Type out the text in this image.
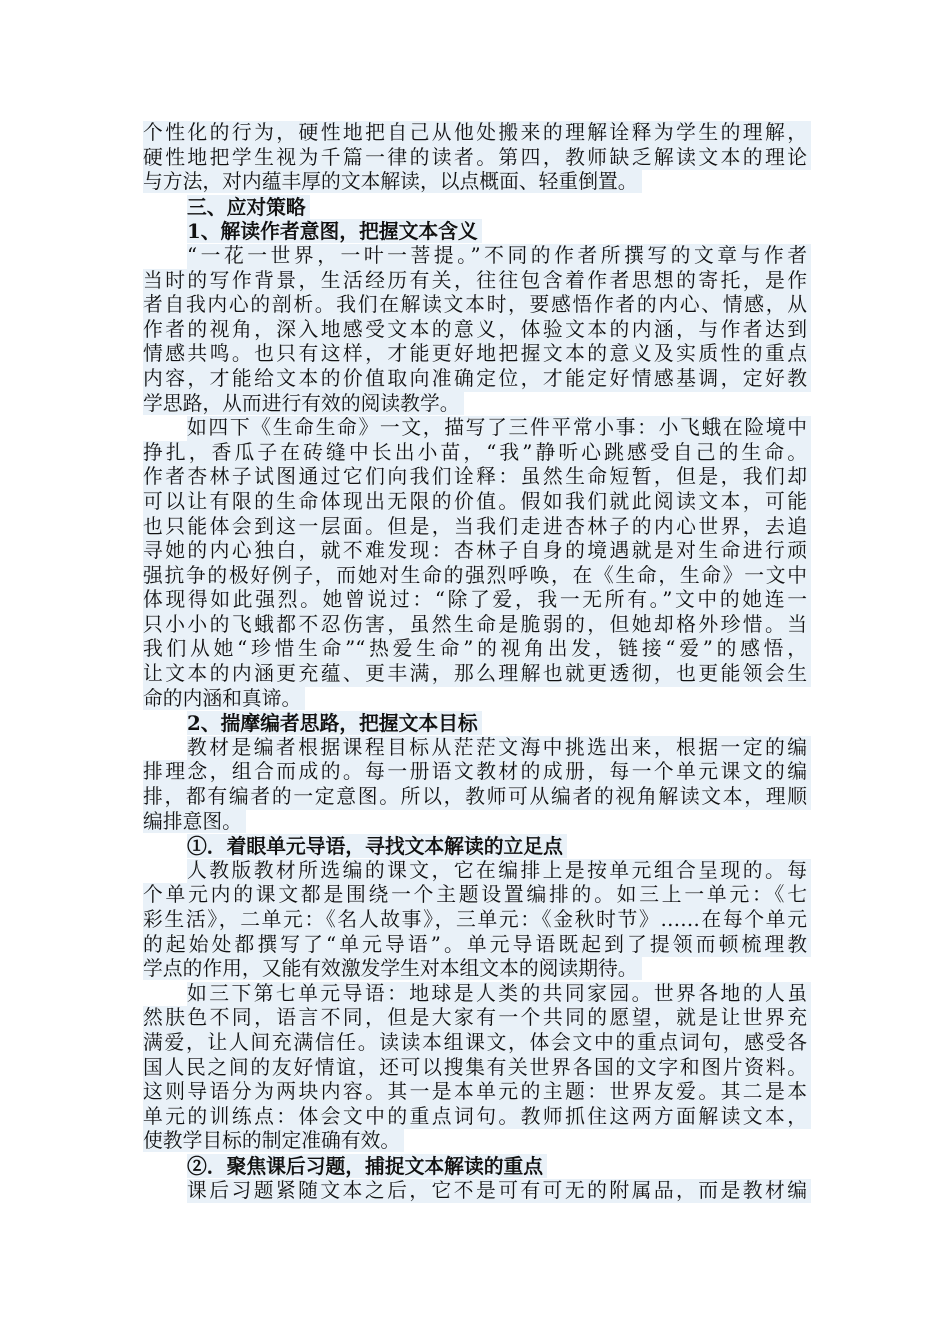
个性化的行为，硬性地把自己从他处搬来的理解诠释为学生的理解，
硬性地把学生视为千篇一律的读者。第四，教师缺乏解读文本的理论
与方法，对内蕴丰厚的文本解读，以点概面、轻重倒置。
三、应对策略
1、解读作者意图，把握文本含义
“一花一世界，一叶一菩提。”不同的作者所撰写的文章与作者
当时的写作背景，生活经历有关，往往包含着作者思想的寄托，是作
者自我内心的剖析。我们在解读文本时，要感悟作者的内心、情感，从
作者的视角，深入地感受文本的意义，体验文本的内涵，与作者达到
情感共鸣。也只有这样，才能更好地把握文本的意义及实质性的重点
内容，才能给文本的价值取向准确定位，才能定好情感基调，定好教
学思路，从而进行有效的阅读教学。
如四下《生命生命》一文，描写了三件平常小事：小飞蛾在险境中
挣扎，香瓜子在砖缝中长出小苗，“我”静听心跳感受自己的生命。
作者杏林子试图通过它们向我们诠释：虽然生命短暂，但是，我们却
可以让有限的生命体现出无限的价值。假如我们就此阅读文本，可能
也只能体会到这一层面。但是，当我们走进杏林子的内心世界，去追
寻她的内心独白，就不难发现：杏林子自身的境遇就是对生命进行顽
强抗争的极好例子，而她对生命的强烈呼唤，在《生命，生命》一文中
体现得如此强烈。她曾说过：“除了爱，我一无所有。”文中的她连一
只小小的飞蛾都不忍伤害，虽然生命是脆弱的，但她却格外珍惜。当
我们从她“珍惜生命”“热爱生命”的视角出发，链接“爱”的感悟，
让文本的内涵更充蕴、更丰满，那么理解也就更透彻，也更能领会生
命的内涵和真谛。
2、揣摩编者思路，把握文本目标
教材是编者根据课程目标从茫茫文海中挑选出来，根据一定的编
排理念，组合而成的。每一册语文教材的成册，每一个单元课文的编
排，都有编者的一定意图。所以，教师可从编者的视角解读文本，理顺
编排意图。
①．着眼单元导语，寻找文本解读的立足点
人教版教材所选编的课文，它在编排上是按单元组合呈现的。每
个单元内的课文都是围绕一个主题设置编排的。如三上一单元：《七
彩生活》，二单元：《名人故事》，三单元：《金秋时节》……在每个单元
的起始处都撰写了“单元导语”。单元导语既起到了提领而顿梳理教
学点的作用，又能有效激发学生对本组文本的阅读期待。
如三下第七单元导语：地球是人类的共同家园。世界各地的人虽
然肤色不同，语言不同，但是大家有一个共同的愿望，就是让世界充
满爱，让人间充满信任。读读本组课文，体会文中的重点词句，感受各
国人民之间的友好情谊，还可以搜集有关世界各国的文字和图片资料。
这则导语分为两块内容。其一是本单元的主题：世界友爱。其二是本
单元的训练点：体会文中的重点词句。教师抓住这两方面解读文本，
使教学目标的制定准确有效。
②．聚焦课后习题，捕捉文本解读的重点
课后习题紧随文本之后，它不是可有可无的附属品，而是教材编
